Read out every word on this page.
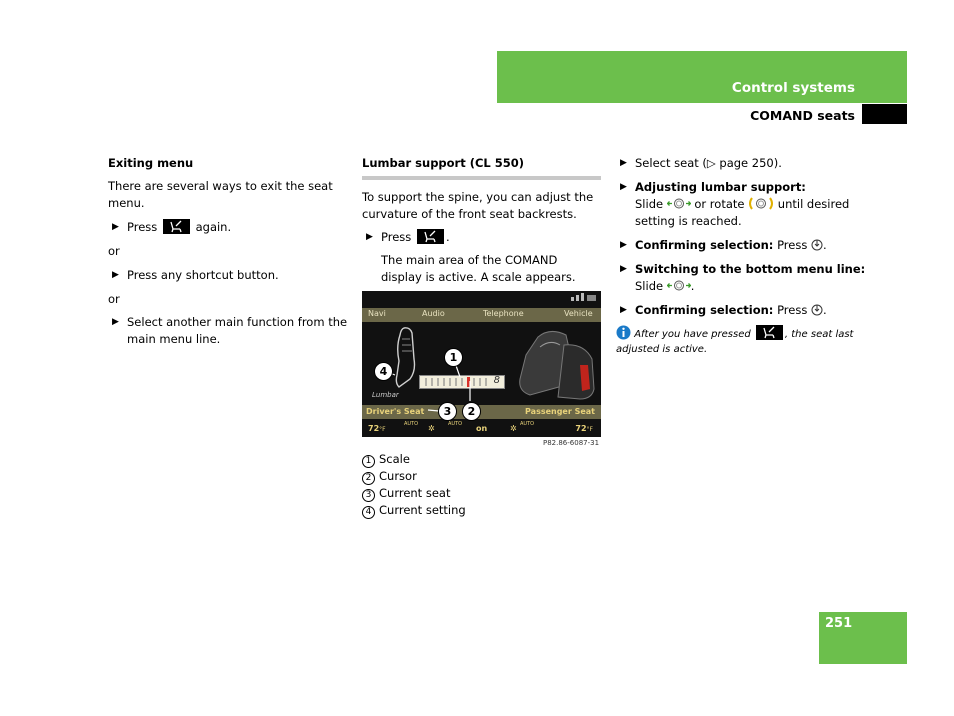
Control systems
COMAND seats

Exiting menu

There are several ways to exit the seat menu.

▶ Press	again.

or

▶ Press any shortcut button.

or

▶ Select another main function from the main menu line.

Lumbar support (CL 550)

To support the spine, you can adjust the curvature of the front seat backrests.

▶ Press	.

The main area of the COMAND display is active. A scale appears.

Navi	Audio	Telephone	Vehicle
8
Lumbar
Driver's Seat	Passenger Seat
72°F
AUTO ✲	AUTO on	✲ AUTO	72°F
1
2
3
4
P82.86-6087-31

1 Scale

2 Cursor

3 Current seat

4 Current setting

▶ Select seat (▷ page 250).

▶ Adjusting lumbar support:
Slide	or rotate	until desired setting is reached.

▶ Confirming selection: Press .

▶ Switching to the bottom menu line:
Slide .

▶ Confirming selection: Press .

After you have pressed	, the seat last adjusted is active.

251
